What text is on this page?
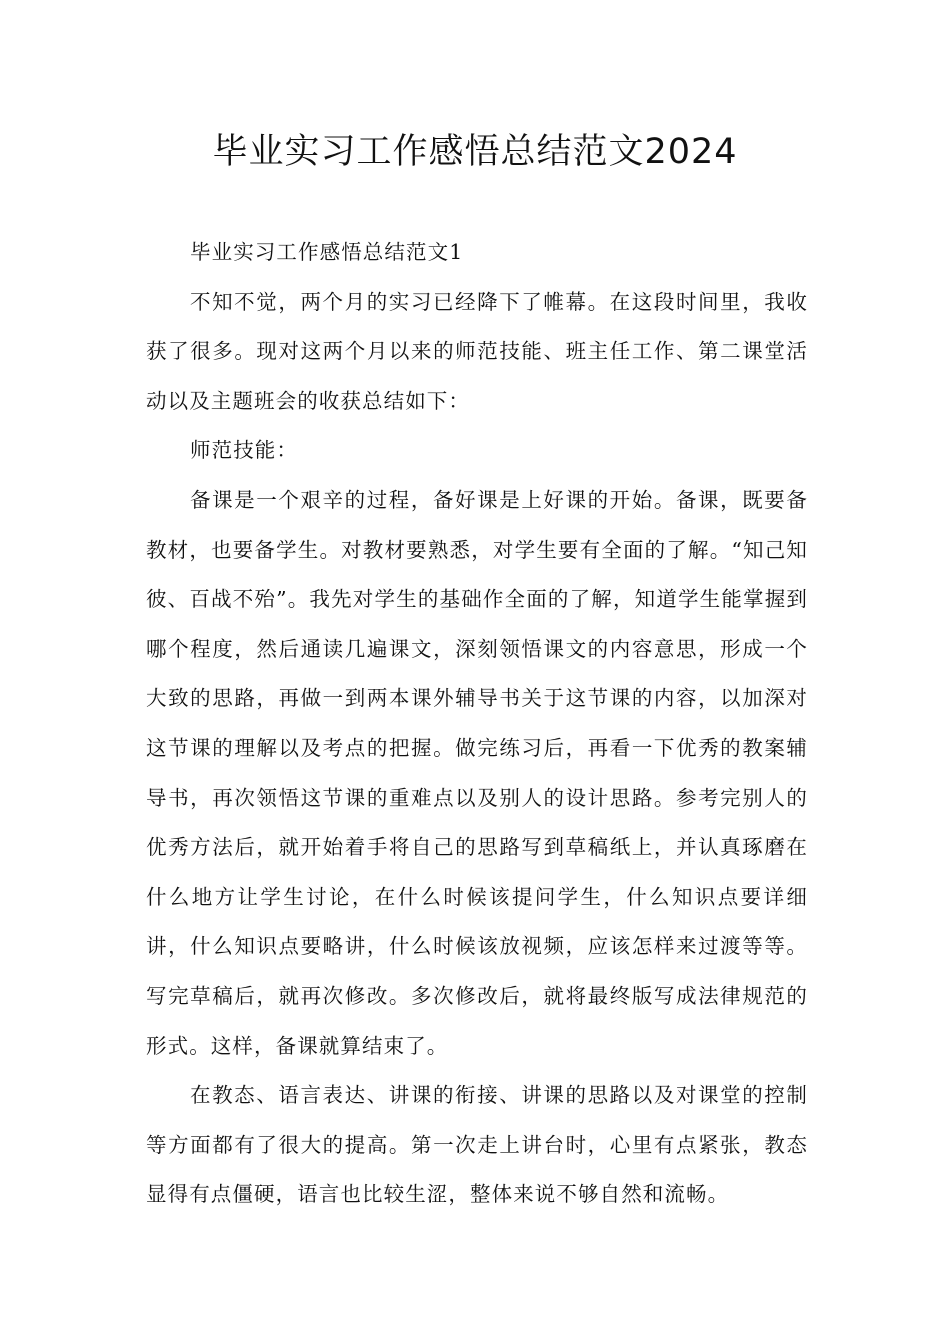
毕业实习工作感悟总结范文2024

毕业实习工作感悟总结范文1

不知不觉，两个月的实习已经降下了帷幕。在这段时间里，我收获了很多。现对这两个月以来的师范技能、班主任工作、第二课堂活动以及主题班会的收获总结如下：

师范技能：

备课是一个艰辛的过程，备好课是上好课的开始。备课，既要备教材，也要备学生。对教材要熟悉，对学生要有全面的了解。“知己知彼、百战不殆”。我先对学生的基础作全面的了解，知道学生能掌握到哪个程度，然后通读几遍课文，深刻领悟课文的内容意思，形成一个大致的思路，再做一到两本课外辅导书关于这节课的内容，以加深对这节课的理解以及考点的把握。做完练习后，再看一下优秀的教案辅导书，再次领悟这节课的重难点以及别人的设计思路。参考完别人的优秀方法后，就开始着手将自己的思路写到草稿纸上，并认真琢磨在什么地方让学生讨论，在什么时候该提问学生，什么知识点要详细讲，什么知识点要略讲，什么时候该放视频，应该怎样来过渡等等。写完草稿后，就再次修改。多次修改后，就将最终版写成法律规范的形式。这样，备课就算结束了。

在教态、语言表达、讲课的衔接、讲课的思路以及对课堂的控制等方面都有了很大的提高。第一次走上讲台时，心里有点紧张，教态显得有点僵硬，语言也比较生涩，整体来说不够自然和流畅。
